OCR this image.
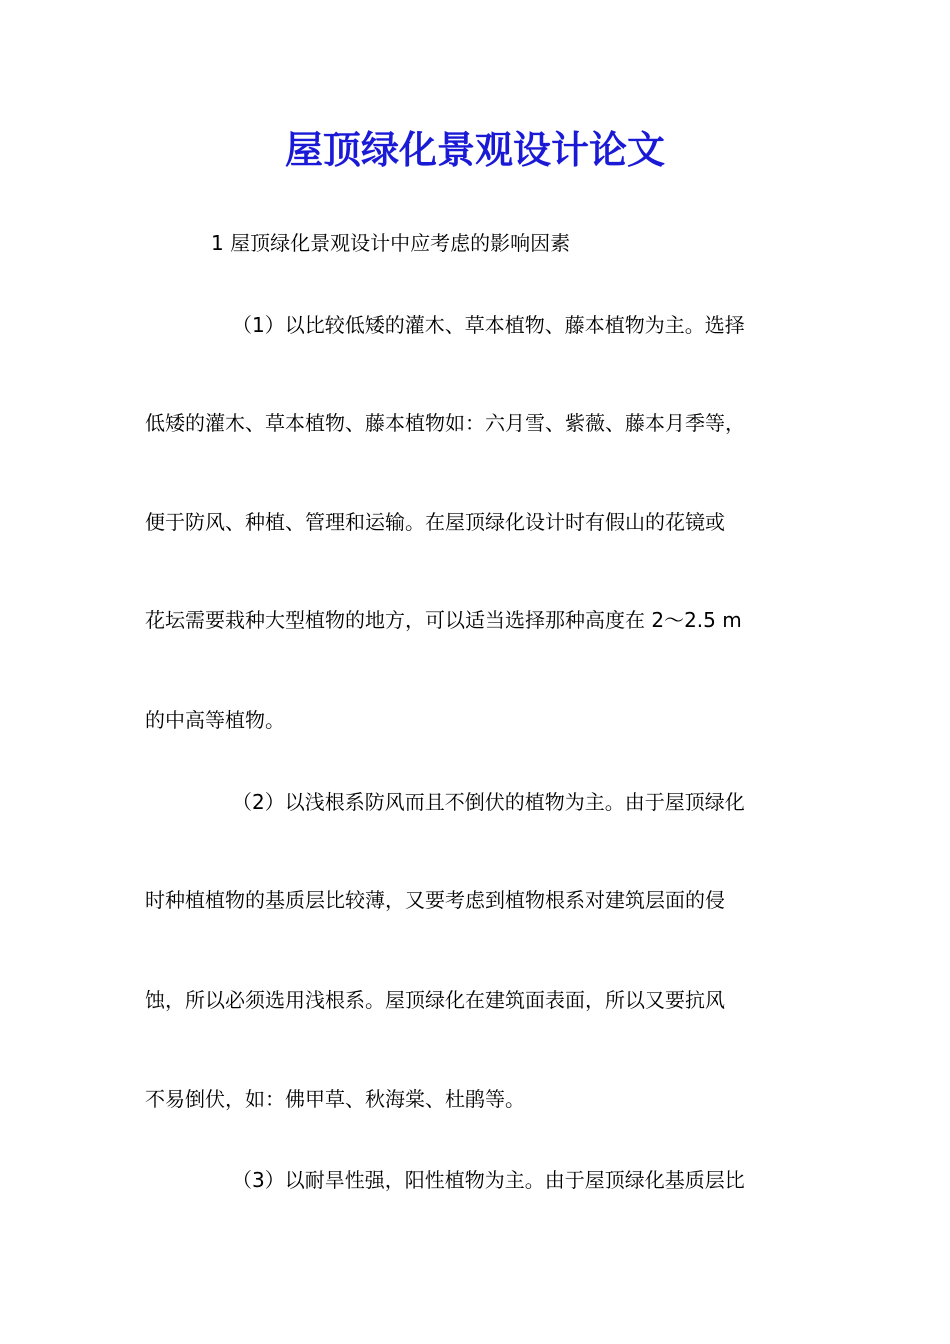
屋顶绿化景观设计论文

1 屋顶绿化景观设计中应考虑的影响因素

（1）以比较低矮的灌木、草本植物、藤本植物为主。选择

低矮的灌木、草本植物、藤本植物如：六月雪、紫薇、藤本月季等，

便于防风、种植、管理和运输。在屋顶绿化设计时有假山的花镜或

花坛需要栽种大型植物的地方，可以适当选择那种高度在 2～2.5 m

的中高等植物。

（2）以浅根系防风而且不倒伏的植物为主。由于屋顶绿化

时种植植物的基质层比较薄，又要考虑到植物根系对建筑层面的侵

蚀，所以必须选用浅根系。屋顶绿化在建筑面表面，所以又要抗风

不易倒伏，如：佛甲草、秋海棠、杜鹃等。

（3）以耐旱性强，阳性植物为主。由于屋顶绿化基质层比
